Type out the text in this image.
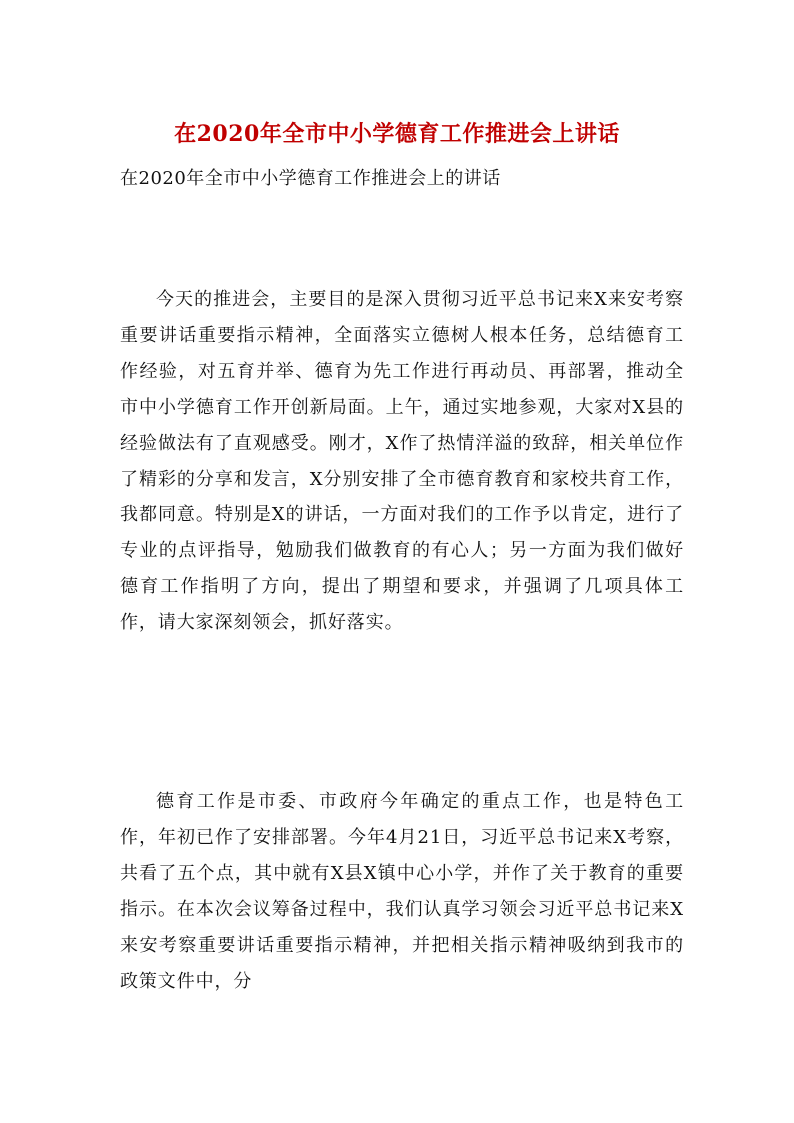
在2020年全市中小学德育工作推进会上讲话
在2020年全市中小学德育工作推进会上的讲话

今天的推进会，主要目的是深入贯彻习近平总书记来X来安考察重要讲话重要指示精神，全面落实立德树人根本任务，总结德育工作经验，对五育并举、德育为先工作进行再动员、再部署，推动全市中小学德育工作开创新局面。上午，通过实地参观，大家对X县的经验做法有了直观感受。刚才，X作了热情洋溢的致辞，相关单位作了精彩的分享和发言，X分别安排了全市德育教育和家校共育工作，我都同意。特别是X的讲话，一方面对我们的工作予以肯定，进行了专业的点评指导，勉励我们做教育的有心人；另一方面为我们做好德育工作指明了方向，提出了期望和要求，并强调了几项具体工作，请大家深刻领会，抓好落实。

德育工作是市委、市政府今年确定的重点工作，也是特色工作，年初已作了安排部署。今年4月21日，习近平总书记来X考察，共看了五个点，其中就有X县X镇中心小学，并作了关于教育的重要指示。在本次会议筹备过程中，我们认真学习领会习近平总书记来X来安考察重要讲话重要指示精神，并把相关指示精神吸纳到我市的政策文件中，分
